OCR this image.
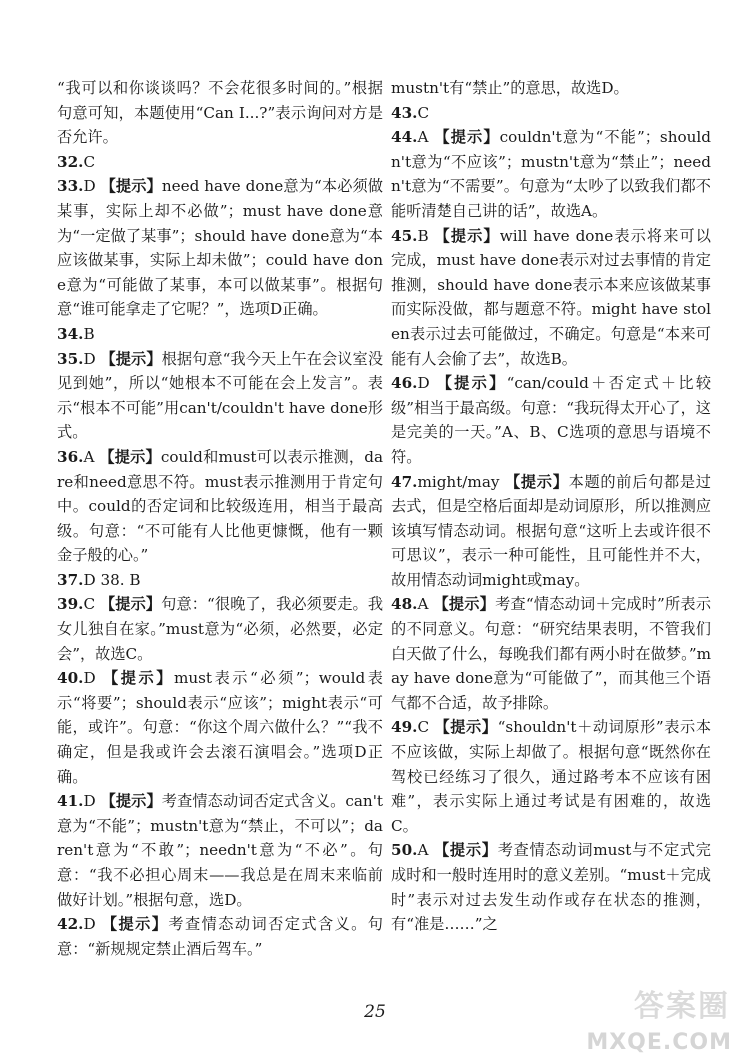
“我可以和你谈谈吗？不会花很多时间的。”根据句意可知，本题使用“Can I...?”表示询问对方是否允许。

32.C

33.D 【提示】need have done意为“本必须做某事，实际上却不必做”；must have done意为“一定做了某事”；should have done意为“本应该做某事，实际上却未做”；could have done意为“可能做了某事，本可以做某事”。根据句意“谁可能拿走了它呢？”，选项D正确。

34.B

35.D 【提示】根据句意“我今天上午在会议室没见到她”，所以“她根本不可能在会上发言”。表示“根本不可能”用can't/couldn't have done形式。

36.A 【提示】could和must可以表示推测，dare和need意思不符。must表示推测用于肯定句中。could的否定词和比较级连用，相当于最高级。句意：“不可能有人比他更慷慨，他有一颗金子般的心。”

37.D 38. B

39.C 【提示】句意：“很晚了，我必须要走。我女儿独自在家。”must意为“必须，必然要，必定会”，故选C。

40.D 【提示】must表示“必须”；would表示“将要”；should表示“应该”；might表示“可能，或许”。句意：“你这个周六做什么？”“我不确定，但是我或许会去滚石演唱会。”选项D正确。

41.D 【提示】考查情态动词否定式含义。can't意为“不能”；mustn't意为“禁止，不可以”；daren't意为“不敢”；needn't意为“不必”。句意：“我不必担心周末——我总是在周末来临前做好计划。”根据句意，选D。

42.D 【提示】考查情态动词否定式含义。句意：“新规规定禁止酒后驾车。”

mustn't有“禁止”的意思，故选D。

43.C

44.A 【提示】couldn't意为“不能”；shouldn't意为“不应该”；mustn't意为“禁止”；needn't意为“不需要”。句意为“太吵了以致我们都不能听清楚自己讲的话”，故选A。

45.B 【提示】will have done表示将来可以完成，must have done表示对过去事情的肯定推测，should have done表示本来应该做某事而实际没做，都与题意不符。might have stolen表示过去可能做过，不确定。句意是“本来可能有人会偷了去”，故选B。

46.D 【提示】“can/could＋否定式＋比较级”相当于最高级。句意：“我玩得太开心了，这是完美的一天。”A、B、C选项的意思与语境不符。

47.might/may 【提示】本题的前后句都是过去式，但是空格后面却是动词原形，所以推测应该填写情态动词。根据句意“这听上去或许很不可思议”，表示一种可能性，且可能性并不大，故用情态动词might或may。

48.A 【提示】考查“情态动词＋完成时”所表示的不同意义。句意：“研究结果表明，不管我们白天做了什么，每晚我们都有两小时在做梦。”may have done意为“可能做了”，而其他三个语气都不合适，故予排除。

49.C 【提示】“shouldn't＋动词原形”表示本不应该做，实际上却做了。根据句意“既然你在驾校已经练习了很久，通过路考本不应该有困难”，表示实际上通过考试是有困难的，故选C。

50.A 【提示】考查情态动词must与不定式完成时和一般时连用时的意义差别。“must＋完成时”表示对过去发生动作或存在状态的推测，有“准是……”之

25	答案圈
MXQE.COM
